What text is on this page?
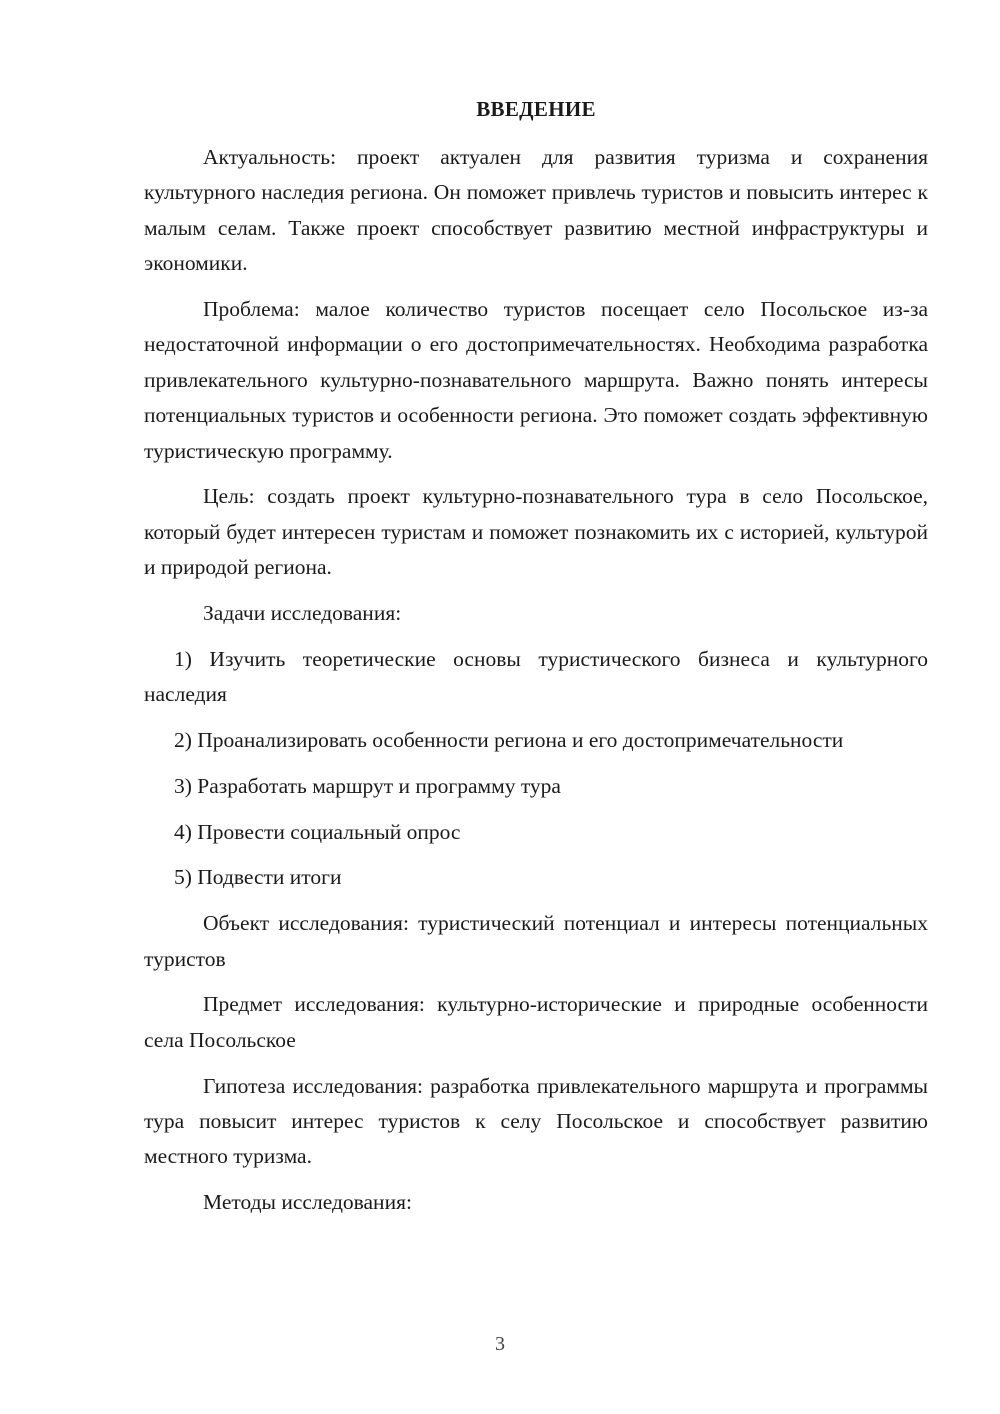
ВВЕДЕНИЕ

Актуальность: проект актуален для развития туризма и сохранения культурного наследия региона. Он поможет привлечь туристов и повысить интерес к малым селам. Также проект способствует развитию местной инфраструктуры и экономики.

Проблема: малое количество туристов посещает село Посольское из-за недостаточной информации о его достопримечательностях. Необходима разработка привлекательного культурно-познавательного маршрута. Важно понять интересы потенциальных туристов и особенности региона. Это поможет создать эффективную туристическую программу.

Цель: создать проект культурно-познавательного тура в село Посольское, который будет интересен туристам и поможет познакомить их с историей, культурой и природой региона.

Задачи исследования:

1) Изучить теоретические основы туристического бизнеса и культурного наследия

2) Проанализировать особенности региона и его достопримечательности

3) Разработать маршрут и программу тура

4) Провести социальный опрос

5) Подвести итоги

Объект исследования: туристический потенциал и интересы потенциальных туристов

Предмет исследования: культурно-исторические и природные особенности села Посольское

Гипотеза исследования: разработка привлекательного маршрута и программы тура повысит интерес туристов к селу Посольское и способствует развитию местного туризма.

Методы исследования:

3
